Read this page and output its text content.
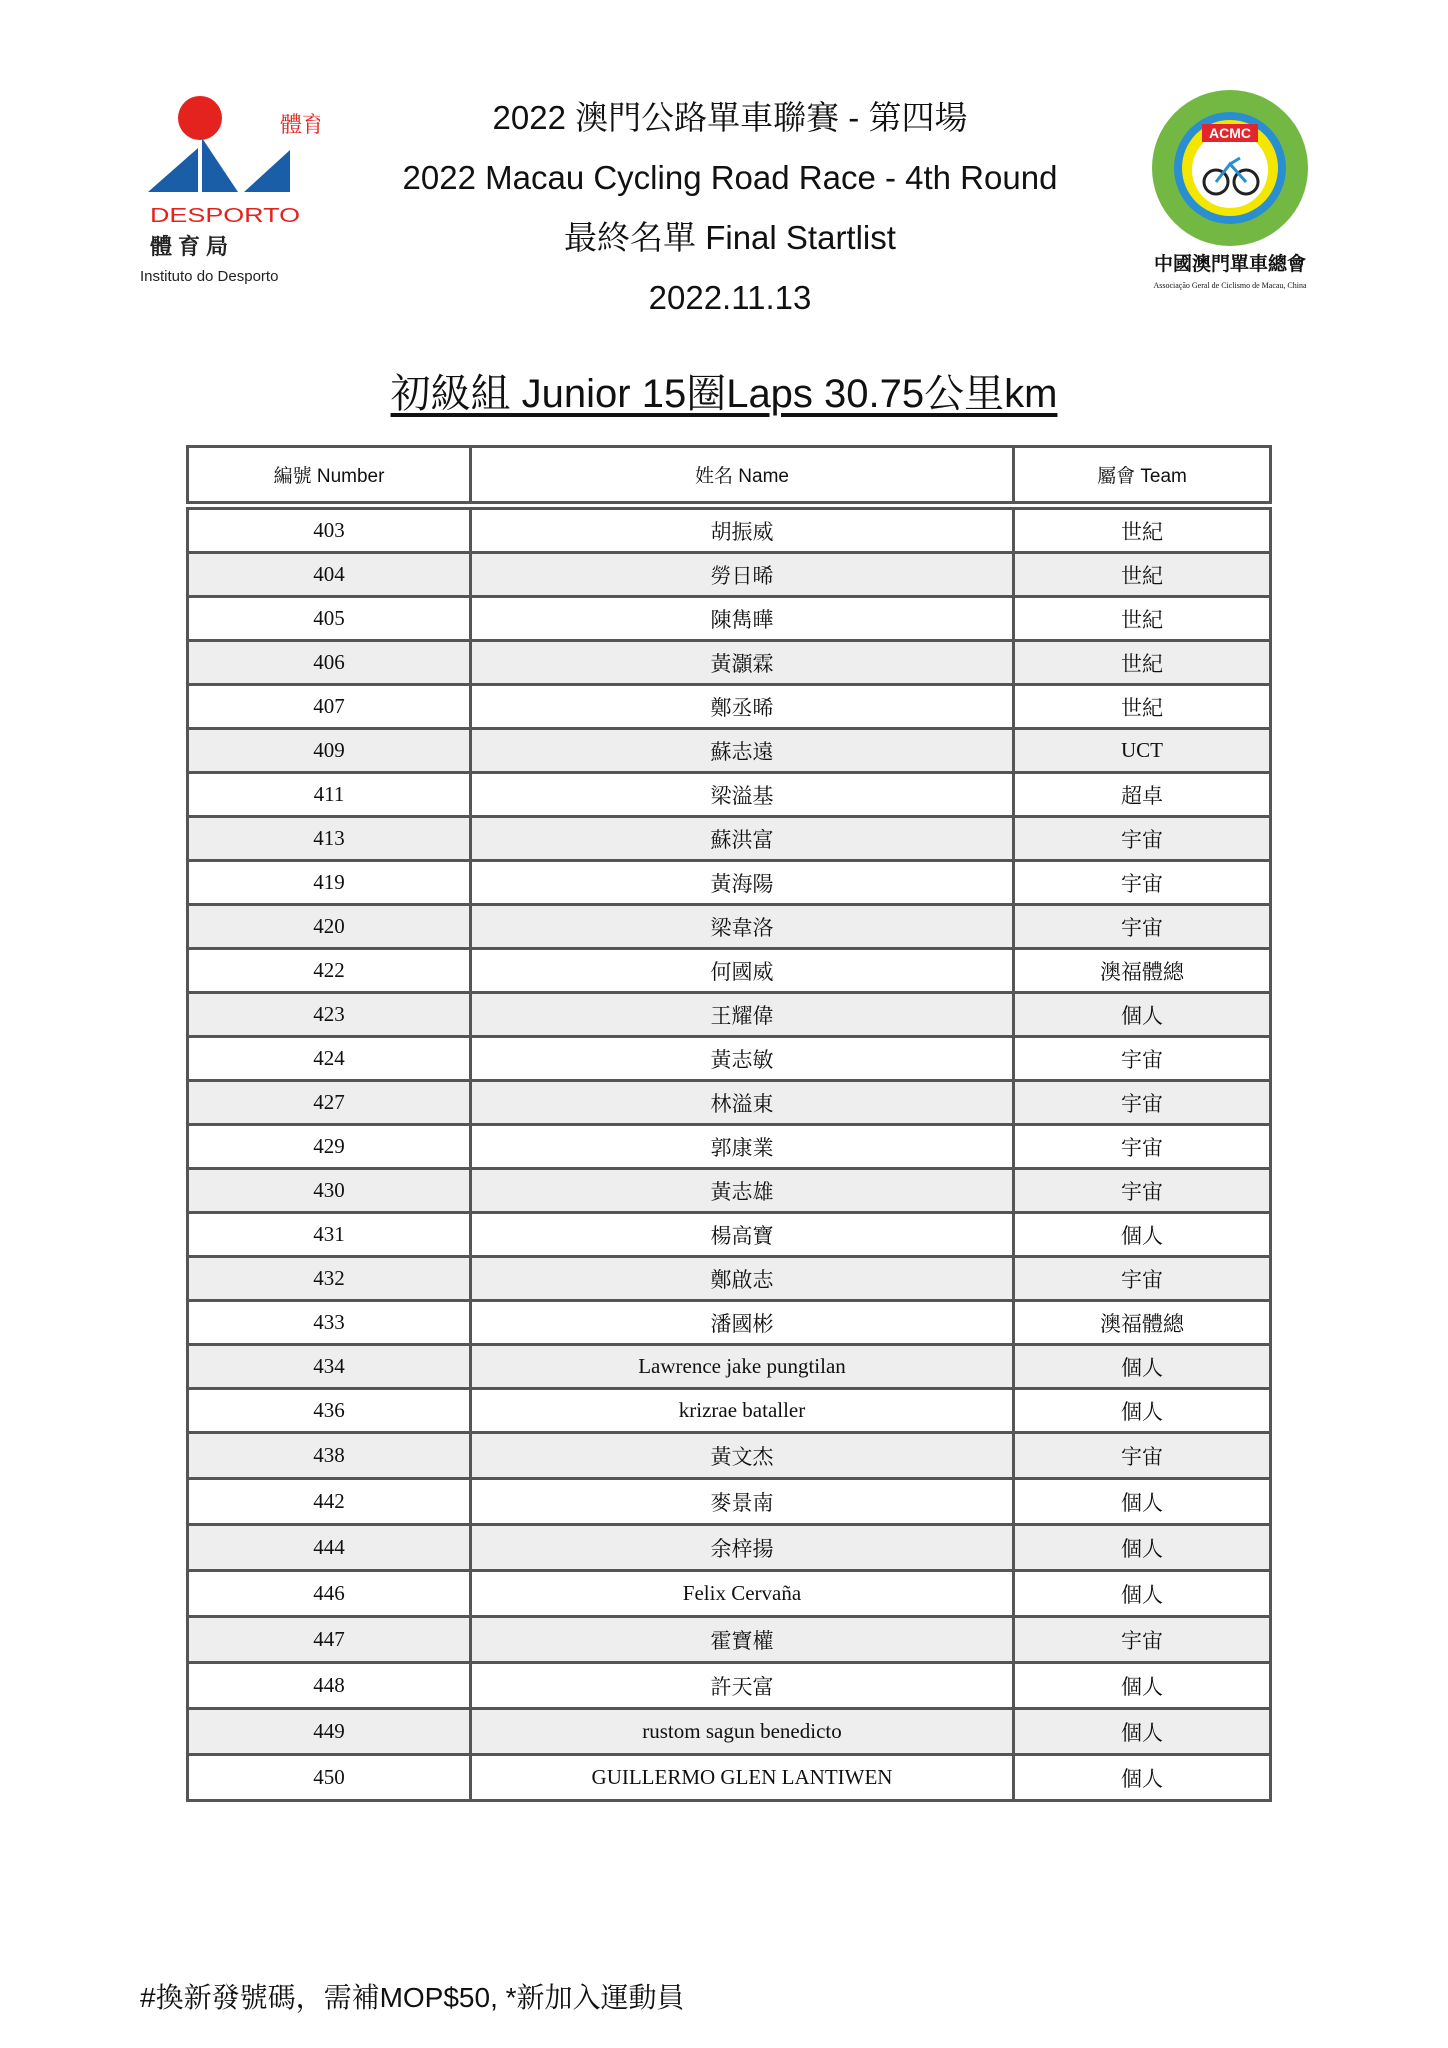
體育
DESPORTO
體育局
Instituto do Desporto
2022 澳門公路單車聯賽 - 第四場
2022 Macau Cycling Road Race - 4th Round
最終名單 Final Startlist
2022.11.13
ACMC
中國澳門單車總會
Associação Geral de Ciclismo de Macau, China
初級組 Junior 15圈Laps 30.75公里km
編號 Number	姓名 Name	屬會 Team

403	胡振威	世紀
404	勞日晞	世紀
405	陳雋曄	世紀
406	黃灝霖	世紀
407	鄭丞晞	世紀
409	蘇志遠	UCT
411	梁溢基	超卓
413	蘇洪富	宇宙
419	黃海陽	宇宙
420	梁韋洛	宇宙
422	何國威	澳福體總
423	王耀偉	個人
424	黃志敏	宇宙
427	林溢東	宇宙
429	郭康業	宇宙
430	黃志雄	宇宙
431	楊高寶	個人
432	鄭啟志	宇宙
433	潘國彬	澳福體總
434	Lawrence jake pungtilan	個人
436	krizrae bataller	個人
438	黃文杰	宇宙
442	麥景南	個人
444	余梓揚	個人
446	Felix Cervaña	個人
447	霍寶權	宇宙
448	許天富	個人
449	rustom sagun benedicto	個人
450	GUILLERMO GLEN LANTIWEN	個人
#換新發號碼，需補MOP$50, *新加入運動員
